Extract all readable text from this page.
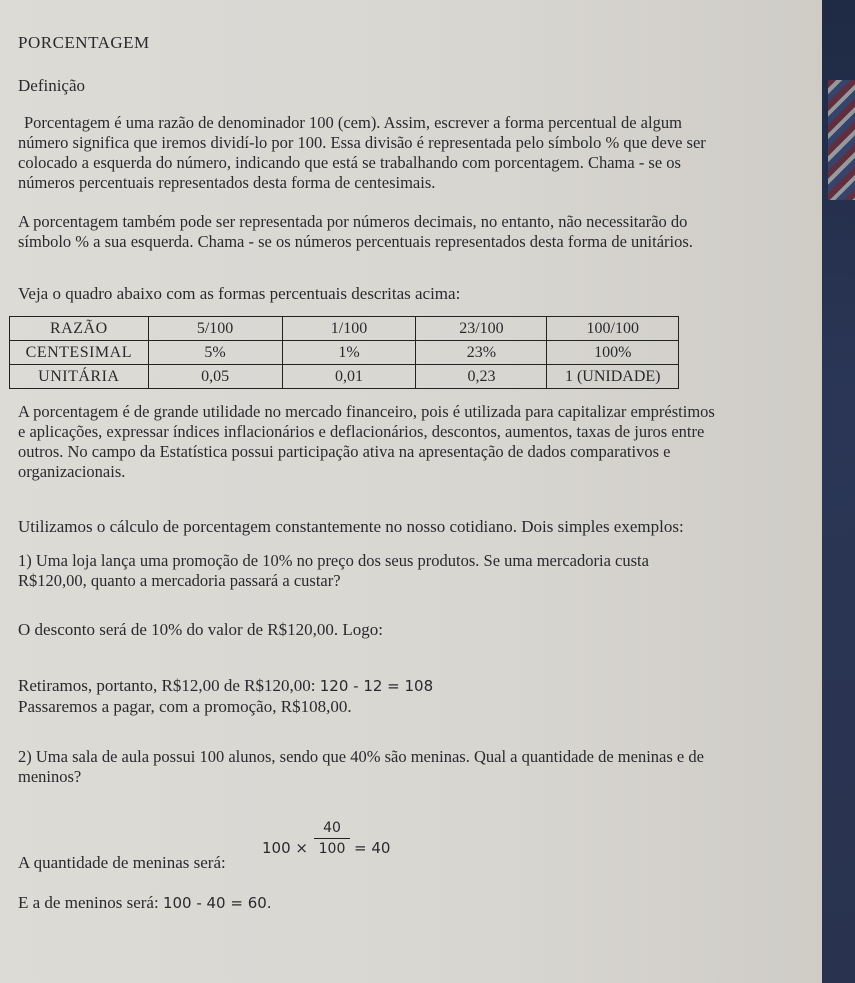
PORCENTAGEM
Definição
Porcentagem é uma razão de denominador 100 (cem). Assim, escrever a forma percentual de algum
número significa que iremos dividí-lo por 100. Essa divisão é representada pelo símbolo % que deve ser
colocado a esquerda do número, indicando que está se trabalhando com porcentagem. Chama - se os
números percentuais representados desta forma de centesimais.
A porcentagem também pode ser representada por números decimais, no entanto, não necessitarão do
símbolo % a sua esquerda. Chama - se os números percentuais representados desta forma de unitários.
Veja o quadro abaixo com as formas percentuais descritas acima:
RAZÃO	5/100	1/100	23/100	100/100
CENTESIMAL	5%	1%	23%	100%
UNITÁRIA	0,05	0,01	0,23	1 (UNIDADE)
A porcentagem é de grande utilidade no mercado financeiro, pois é utilizada para capitalizar empréstimos
e aplicações, expressar índices inflacionários e deflacionários, descontos, aumentos, taxas de juros entre
outros. No campo da Estatística possui participação ativa na apresentação de dados comparativos e
organizacionais.
Utilizamos o cálculo de porcentagem constantemente no nosso cotidiano. Dois simples exemplos:
1) Uma loja lança uma promoção de 10% no preço dos seus produtos. Se uma mercadoria custa
R$120,00, quanto a mercadoria passará a custar?
O desconto será de 10% do valor de R$120,00. Logo:
Retiramos, portanto, R$12,00 de R$120,00: 120 - 12 = 108
Passaremos a pagar, com a promoção, R$108,00.
2) Uma sala de aula possui 100 alunos, sendo que 40% são meninas. Qual a quantidade de meninas e de
meninos?
A quantidade de meninas será:
100 ×
40
100 = 40
E a de meninos será: 100 - 40 = 60.
